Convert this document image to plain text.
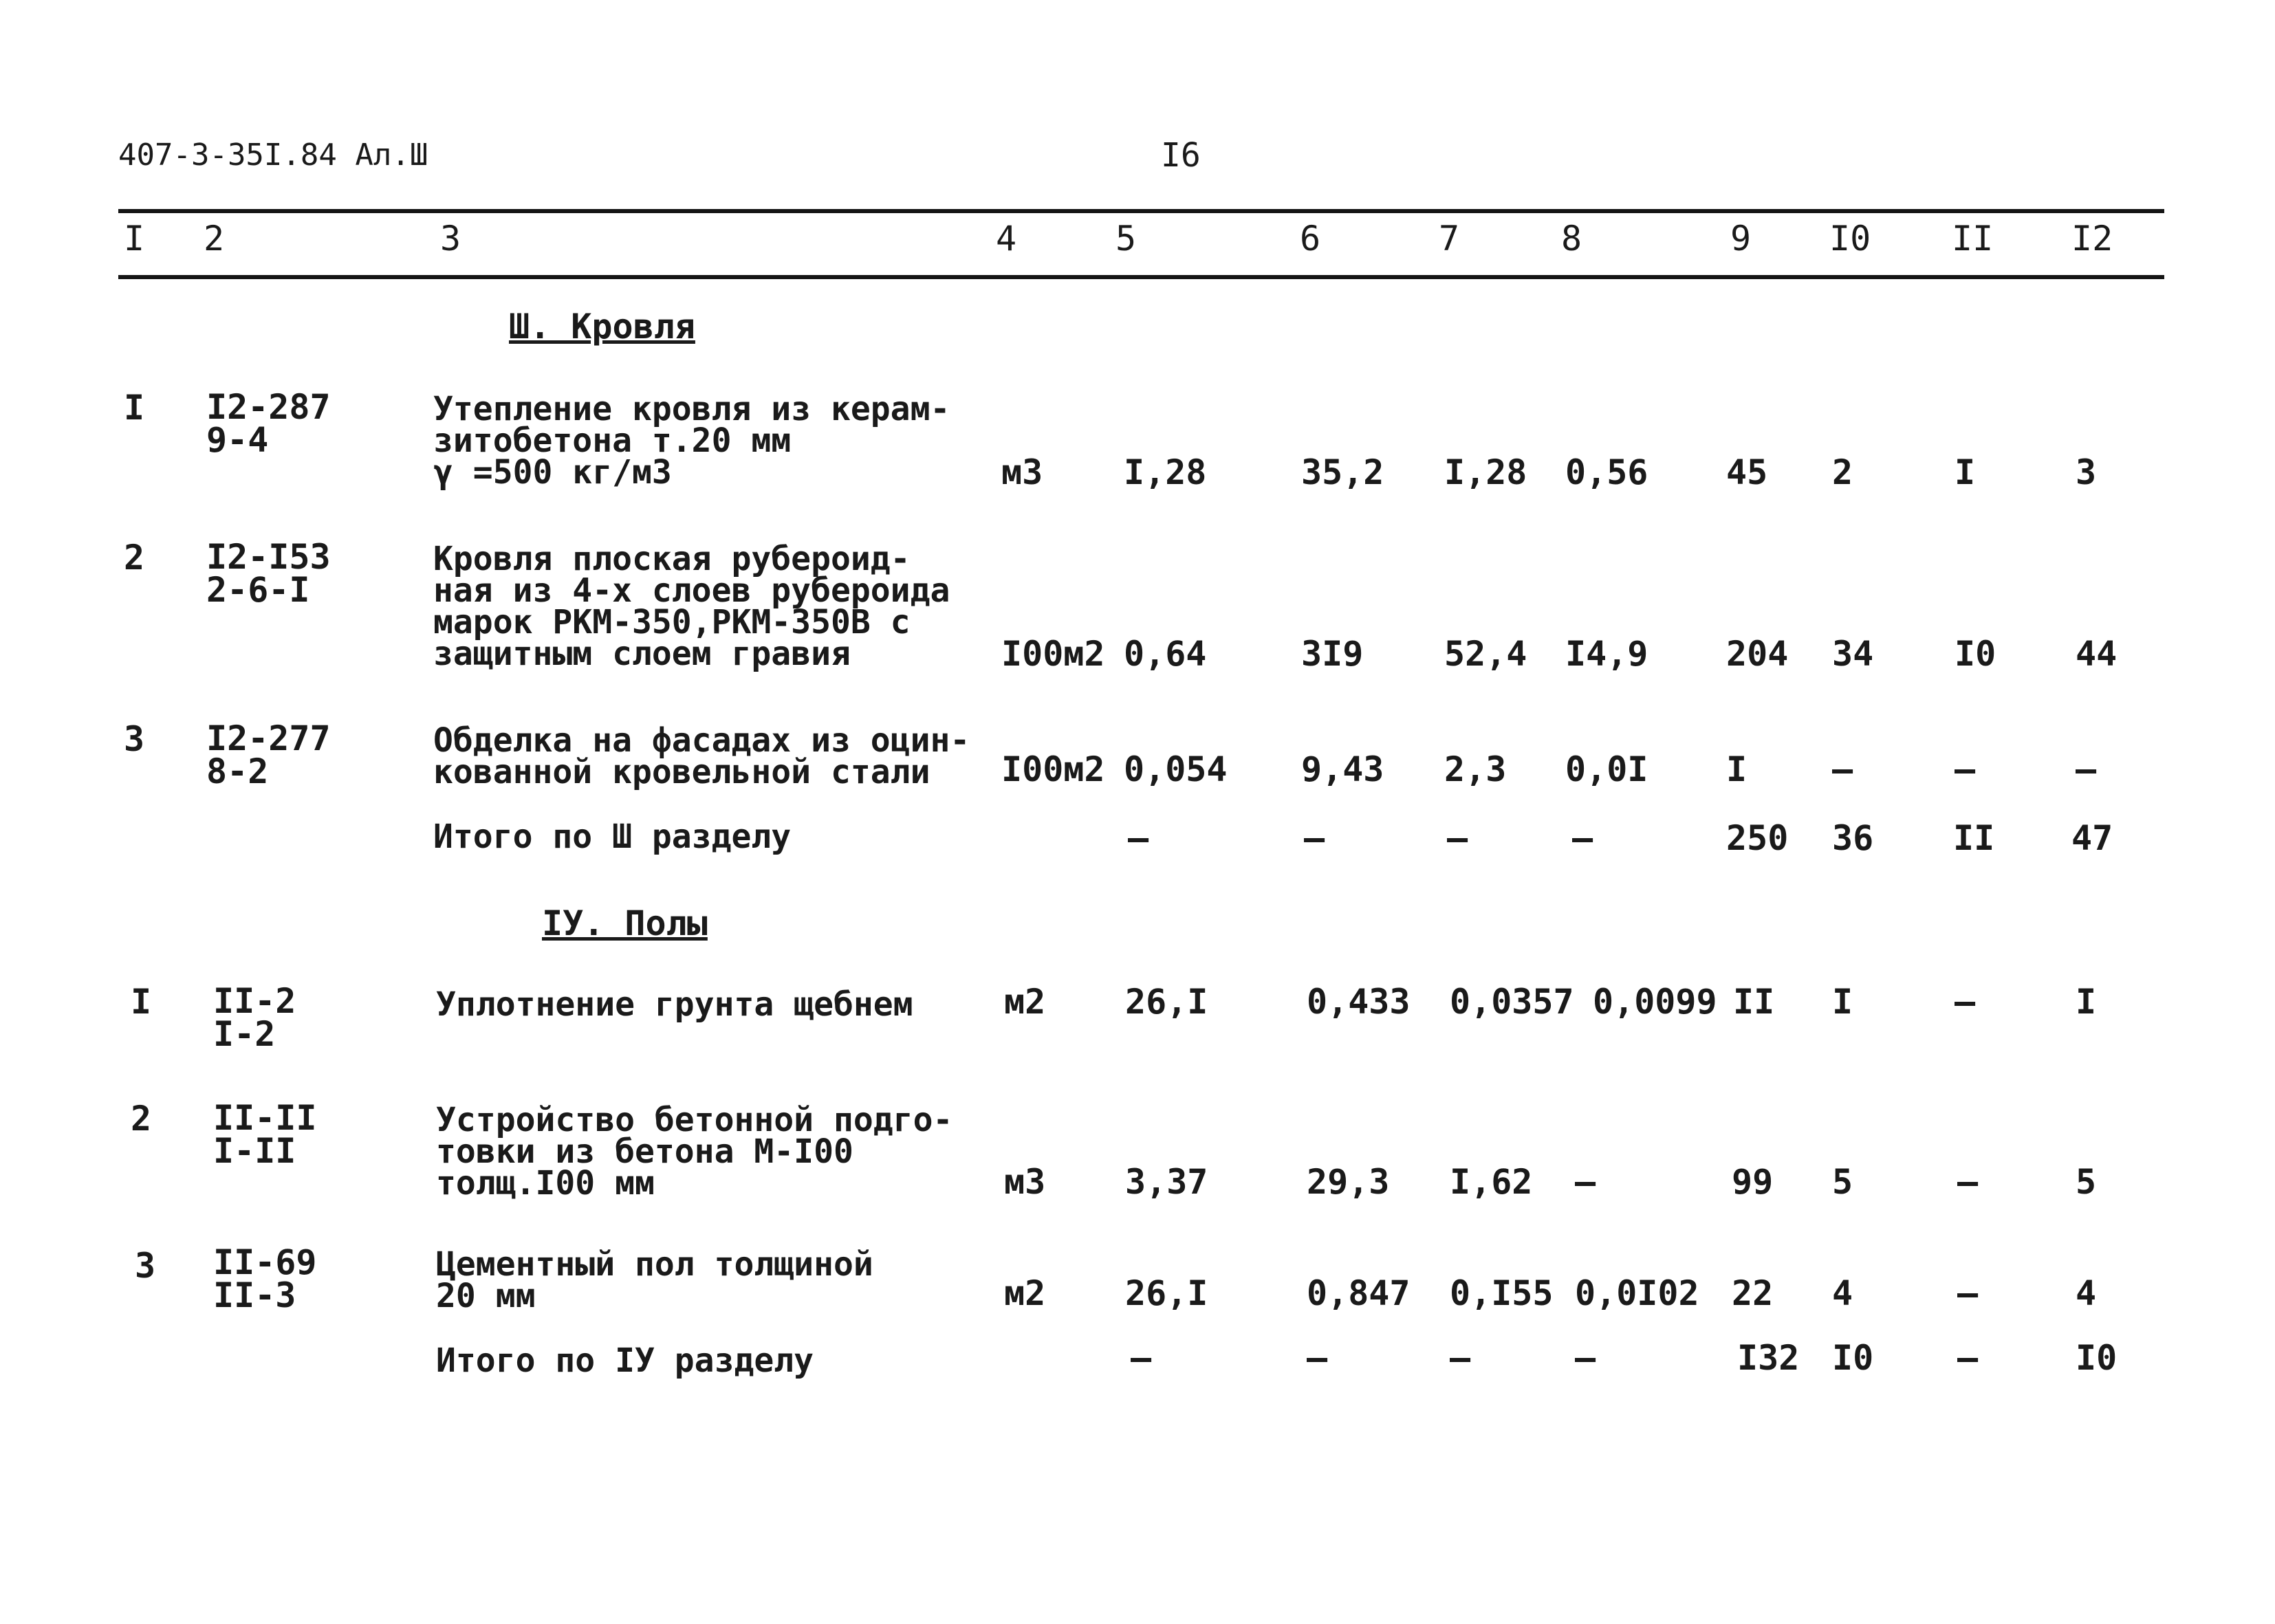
407-3-35I.84 Ал.Ш	I6
I 2	3	4	5	6	7	8	9 I0 II I2
Ш. Кровля
I I2-287
9-4
Утепление кровля из керам-
зитобетона т.20 мм
γ =500 кг/м3	м3 I,28	35,2 I,28 0,56 45 2	I	3
2 I2-I53
2-6-I
Кровля плоская рубероид-
ная из 4-х слоев рубероида
марок РКМ-350,РКМ-350В с
защитным слоем гравия	I00м2 0,64	3I9 52,4 I4,9 204 34 I0 44
3 I2-277
8-2
Обделка на фасадах из оцин-
кованной кровельной стали	I00м2 0,054 9,43 2,3 0,0I I –	–	–
Итого по Ш разделу	–	–	–	–	250 36 II 47
IУ. Полы
I II-2
I-2
Уплотнение грунта щебнем	м2 26,I	0,433 0,0357 0,0099 II I	–	I
2 II-II
I-II
Устройство бетонной подго-
товки из бетона М-I00
толщ.I00 мм	м3 3,37	29,3 I,62 –	99 5	–	5
3 II-69
II-3
Цементный пол толщиной
20 мм	м2 26,I	0,847 0,I55 0,0I02 22 4	–	4
Итого по IУ разделу	–	–	–	–	I32 I0 –	I0
